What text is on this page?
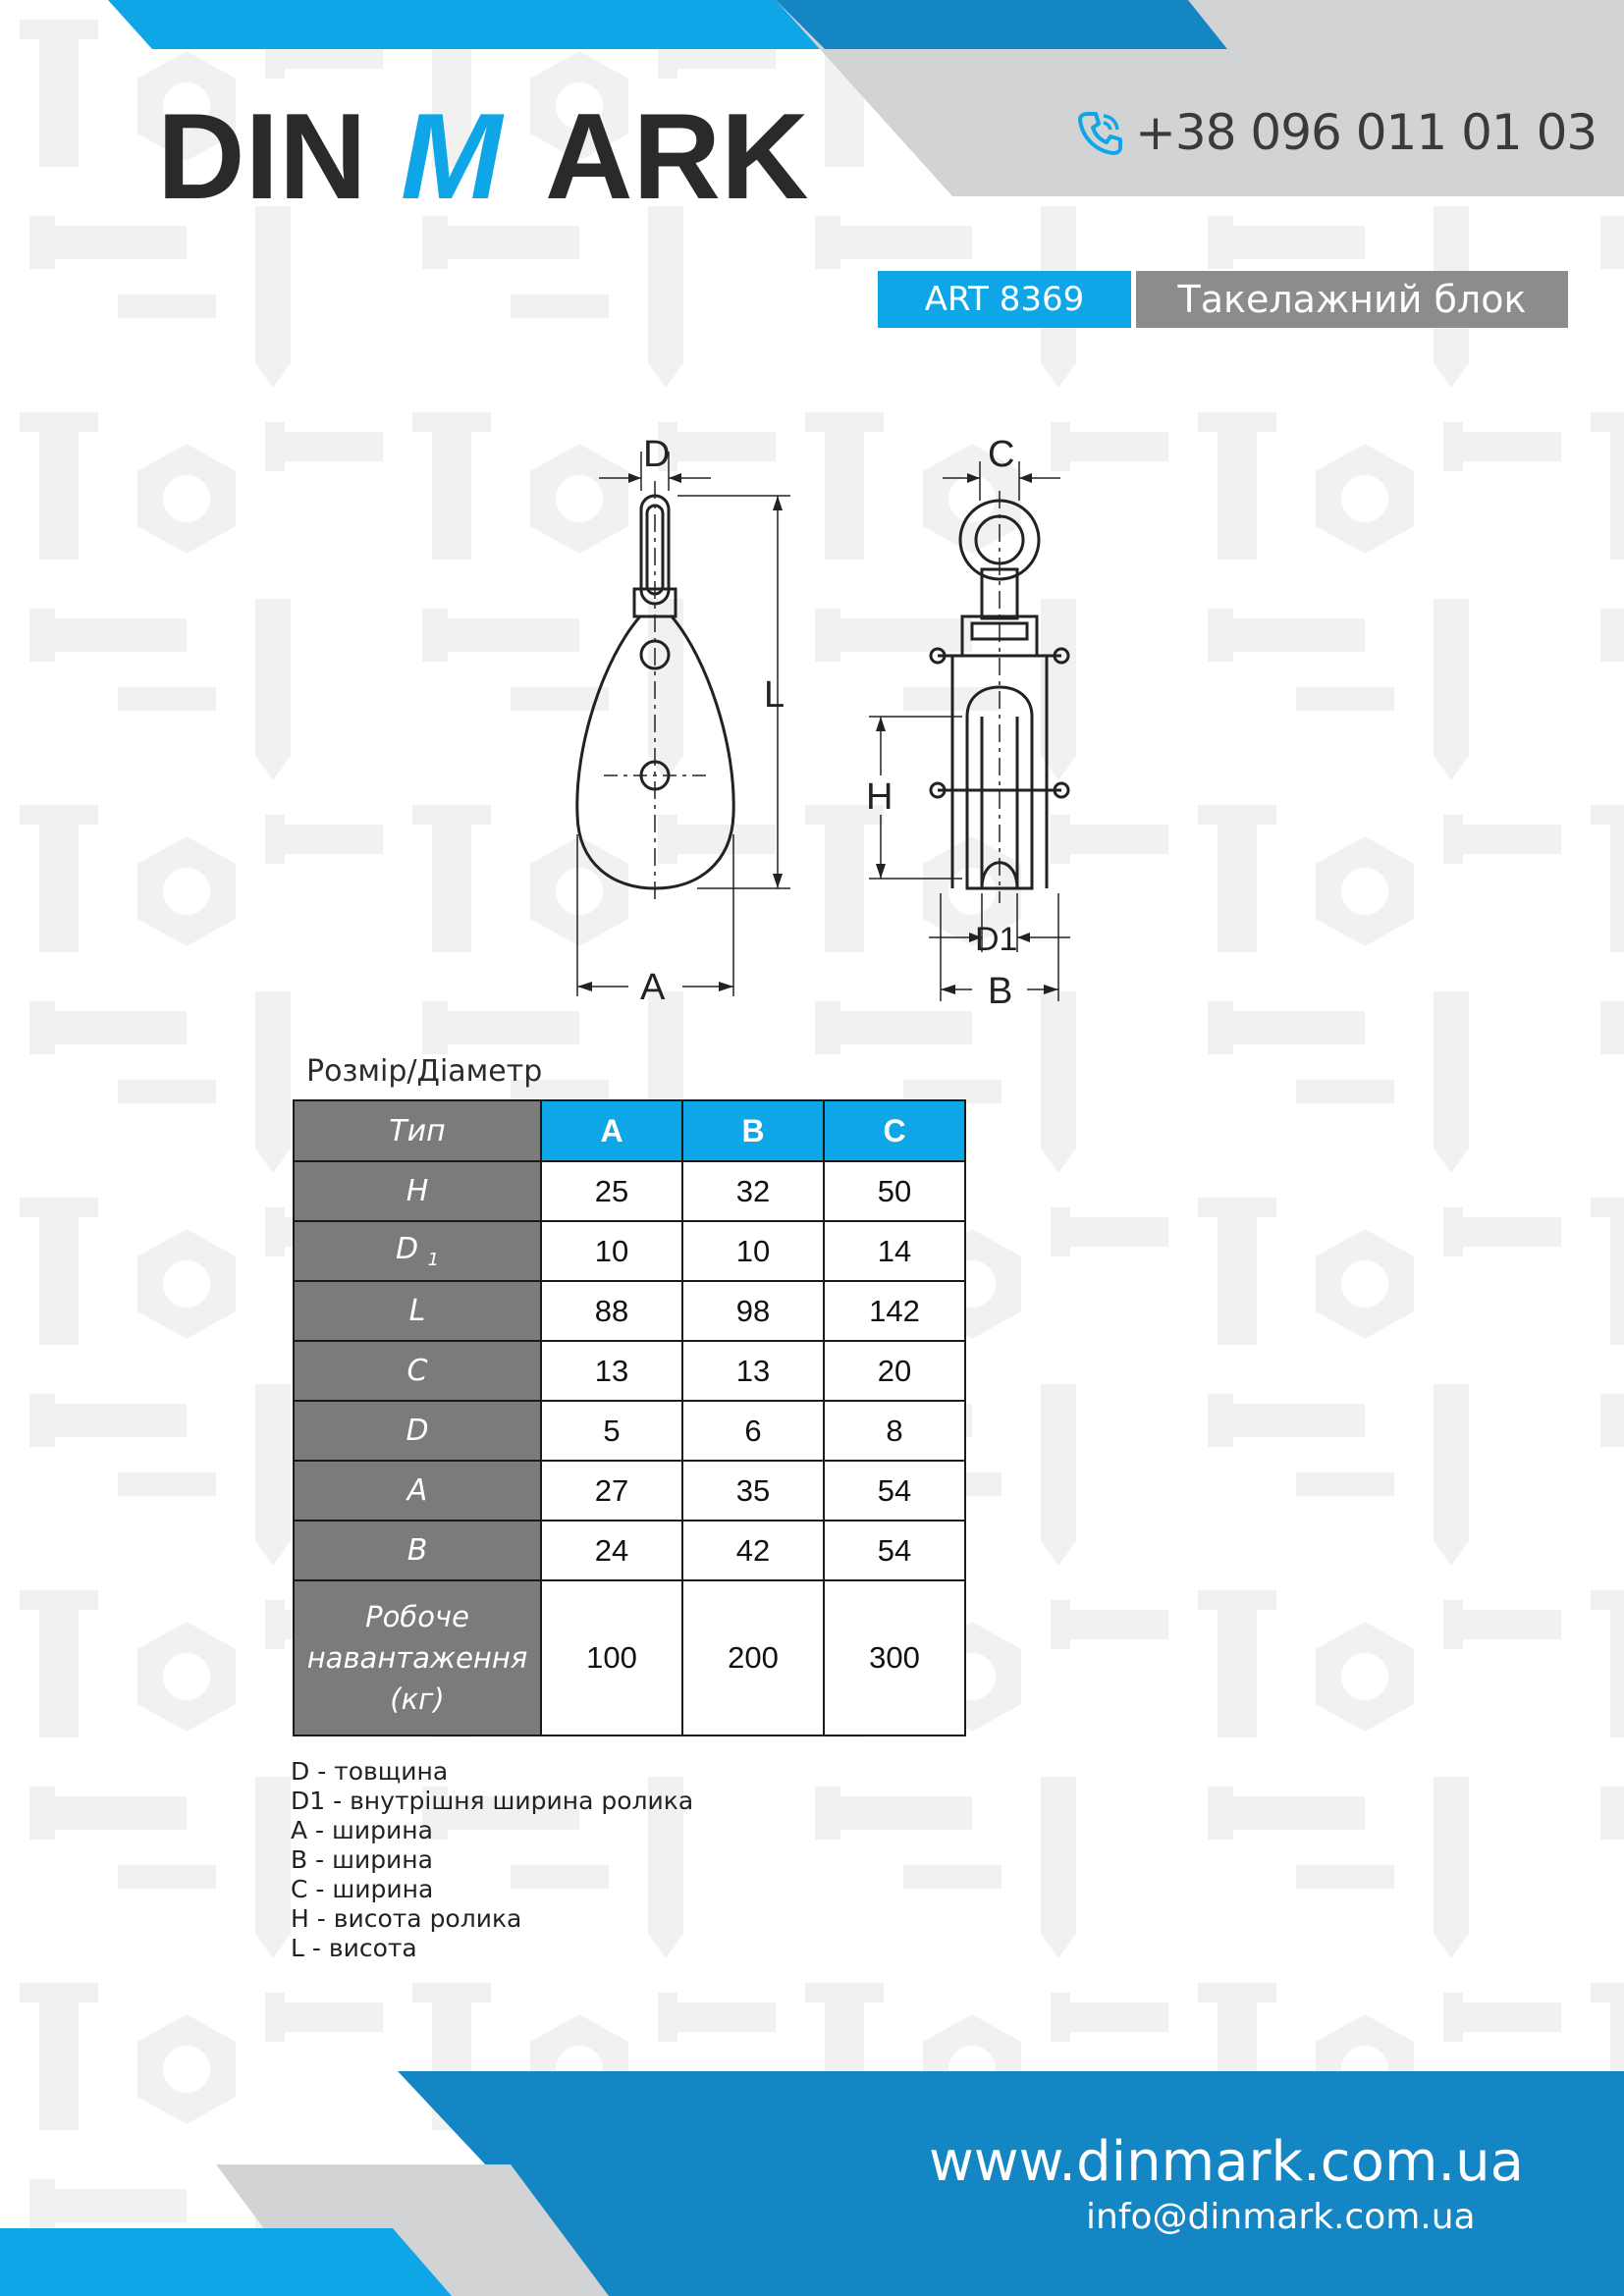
DIN M ARK	+38 096 011 01 03
ART 8369	Такелажний блок
D
L
A
C
H
D1
B
Розмір/Діаметр
Тип	A	B	C
H	25	32	50
D $_1$	10	10	14
L	88	98	142
C	13	13	20
D	5	6	8
A	27	35	54
B	24	42	54

Робоче
навантаження
(кг)	100	200	300
D - товщина
D1 - внутрішня ширина ролика
A - ширина
B - ширина
C - ширина
H - висота ролика
L - висота
www.dinmark.com.ua
info@dinmark.com.ua
